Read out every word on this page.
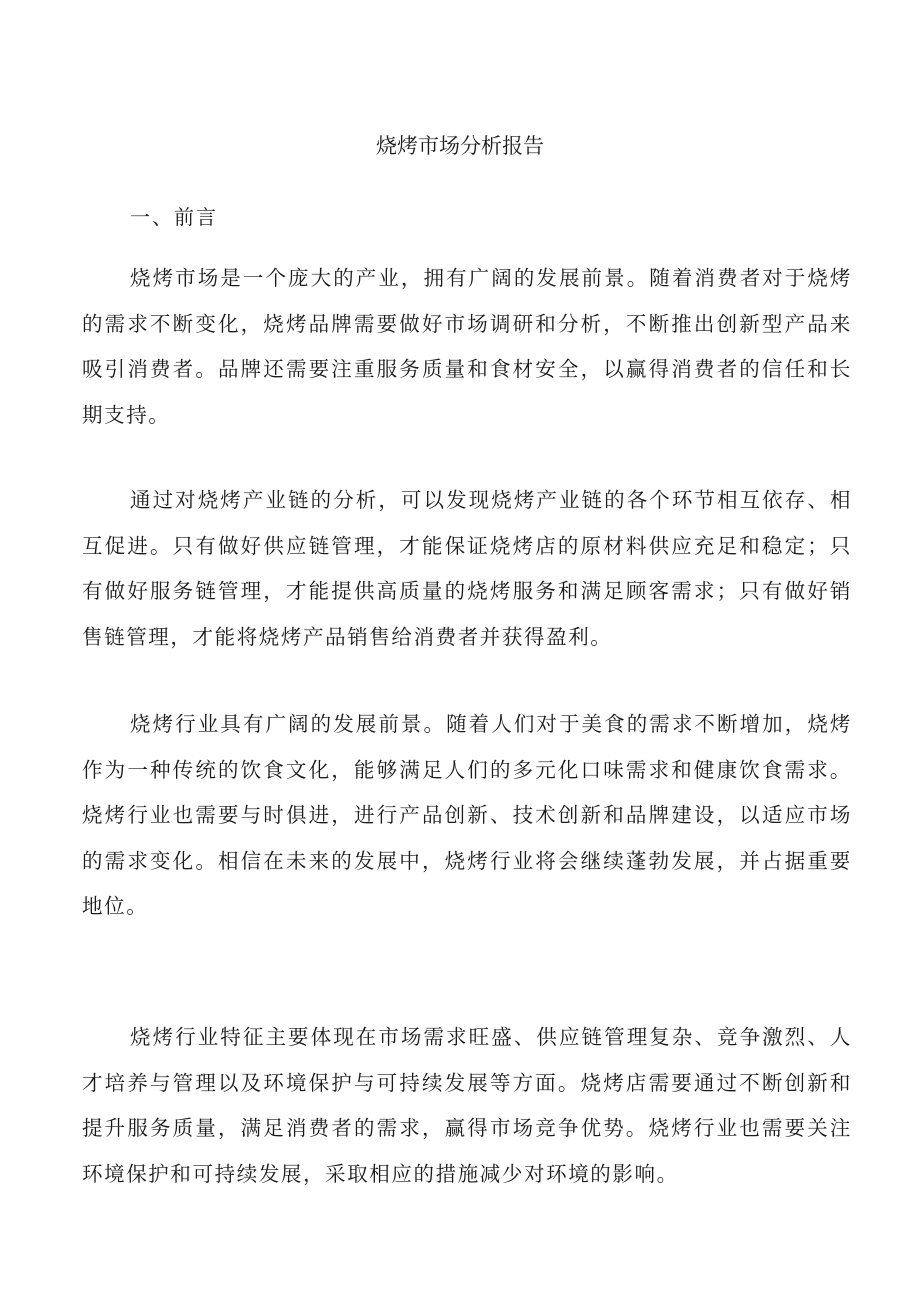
烧烤市场分析报告
一、前言

烧烤市场是一个庞大的产业，拥有广阔的发展前景。随着消费者对于烧烤的需求不断变化，烧烤品牌需要做好市场调研和分析，不断推出创新型产品来吸引消费者。品牌还需要注重服务质量和食材安全，以赢得消费者的信任和长期支持。

通过对烧烤产业链的分析，可以发现烧烤产业链的各个环节相互依存、相互促进。只有做好供应链管理，才能保证烧烤店的原材料供应充足和稳定；只有做好服务链管理，才能提供高质量的烧烤服务和满足顾客需求；只有做好销售链管理，才能将烧烤产品销售给消费者并获得盈利。

烧烤行业具有广阔的发展前景。随着人们对于美食的需求不断增加，烧烤作为一种传统的饮食文化，能够满足人们的多元化口味需求和健康饮食需求。烧烤行业也需要与时俱进，进行产品创新、技术创新和品牌建设，以适应市场的需求变化。相信在未来的发展中，烧烤行业将会继续蓬勃发展，并占据重要地位。

烧烤行业特征主要体现在市场需求旺盛、供应链管理复杂、竞争激烈、人才培养与管理以及环境保护与可持续发展等方面。烧烤店需要通过不断创新和提升服务质量，满足消费者的需求，赢得市场竞争优势。烧烤行业也需要关注环境保护和可持续发展，采取相应的措施减少对环境的影响。
